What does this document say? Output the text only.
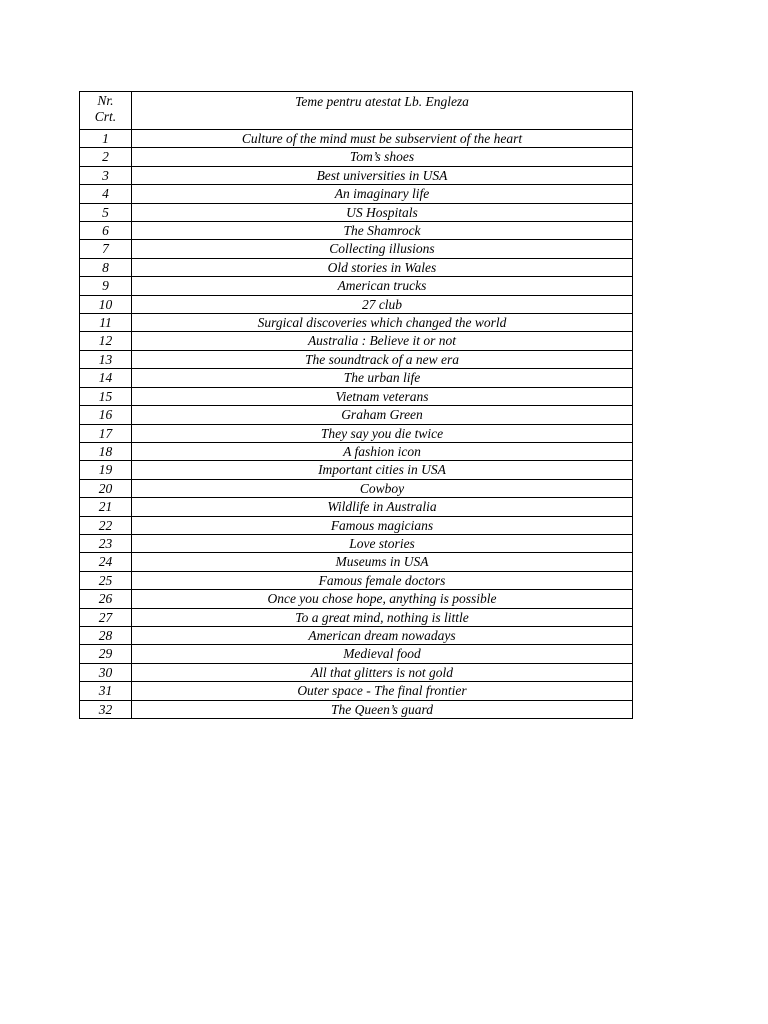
Nr.
Crt.	Teme pentru atestat Lb. Engleza
1	Culture of the mind must be subservient of the heart
2	Tom’s shoes
3	Best universities in USA
4	An imaginary life
5	US Hospitals
6	The Shamrock
7	Collecting illusions
8	Old stories in Wales
9	American trucks
10	27 club
11	Surgical discoveries which changed the world
12	Australia : Believe it or not
13	The soundtrack of a new era
14	The urban life
15	Vietnam veterans
16	Graham Green
17	They say you die twice
18	A fashion icon
19	Important cities in USA
20	Cowboy
21	Wildlife in Australia
22	Famous magicians
23	Love stories
24	Museums in USA
25	Famous female doctors
26	Once you chose hope, anything is possible
27	To a great mind, nothing is little
28	American dream nowadays
29	Medieval food
30	All that glitters is not gold
31	Outer space - The final frontier
32	The Queen’s guard
